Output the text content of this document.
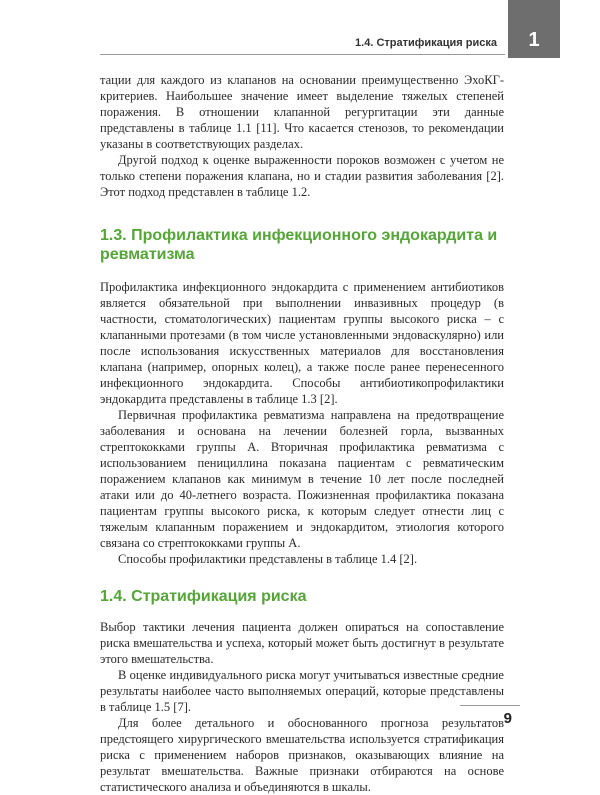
1.4. Стратификация риска	1

тации для каждого из клапанов на основании преимущественно ЭхоКГ-критериев. Наибольшее значение имеет выделение тяжелых степеней поражения. В отношении клапанной регургитации эти данные представлены в таблице 1.1 [11]. Что касается стенозов, то рекомендации указаны в соответствующих разделах.

Другой подход к оценке выраженности пороков возможен с учетом не только степени поражения клапана, но и стадии развития заболевания [2]. Этот подход представлен в таблице 1.2.

1.3. Профилактика инфекционного эндокардита и ревматизма

Профилактика инфекционного эндокардита с применением антибиотиков является обязательной при выполнении инвазивных процедур (в частности, стоматологических) пациентам группы высокого риска – с клапанными протезами (в том числе установленными эндоваскулярно) или после использования искусственных материалов для восстановления клапана (например, опорных колец), а также после ранее перенесенного инфекционного эндокардита. Способы антибиотикопрофилактики эндокардита представлены в таблице 1.3 [2].

Первичная профилактика ревматизма направлена на предотвращение заболевания и основана на лечении болезней горла, вызванных стрептококками группы А. Вторичная профилактика ревматизма с использованием пенициллина показана пациентам с ревматическим поражением клапанов как минимум в течение 10 лет после последней атаки или до 40-летнего возраста. Пожизненная профилактика показана пациентам группы высокого риска, к которым следует отнести лиц с тяжелым клапанным поражением и эндокардитом, этиология которого связана со стрептококками группы А.

Способы профилактики представлены в таблице 1.4 [2].

1.4. Стратификация риска

Выбор тактики лечения пациента должен опираться на сопоставление риска вмешательства и успеха, который может быть достигнут в результате этого вмешательства.

В оценке индивидуального риска могут учитываться известные средние результаты наиболее часто выполняемых операций, которые представлены в таблице 1.5 [7].

Для более детального и обоснованного прогноза результатов предстоящего хирургического вмешательства используется стратификация риска с применением наборов признаков, оказывающих влияние на результат вмешательства. Важные признаки отбираются на основе статистического анализа и объединяются в шкалы.

9
